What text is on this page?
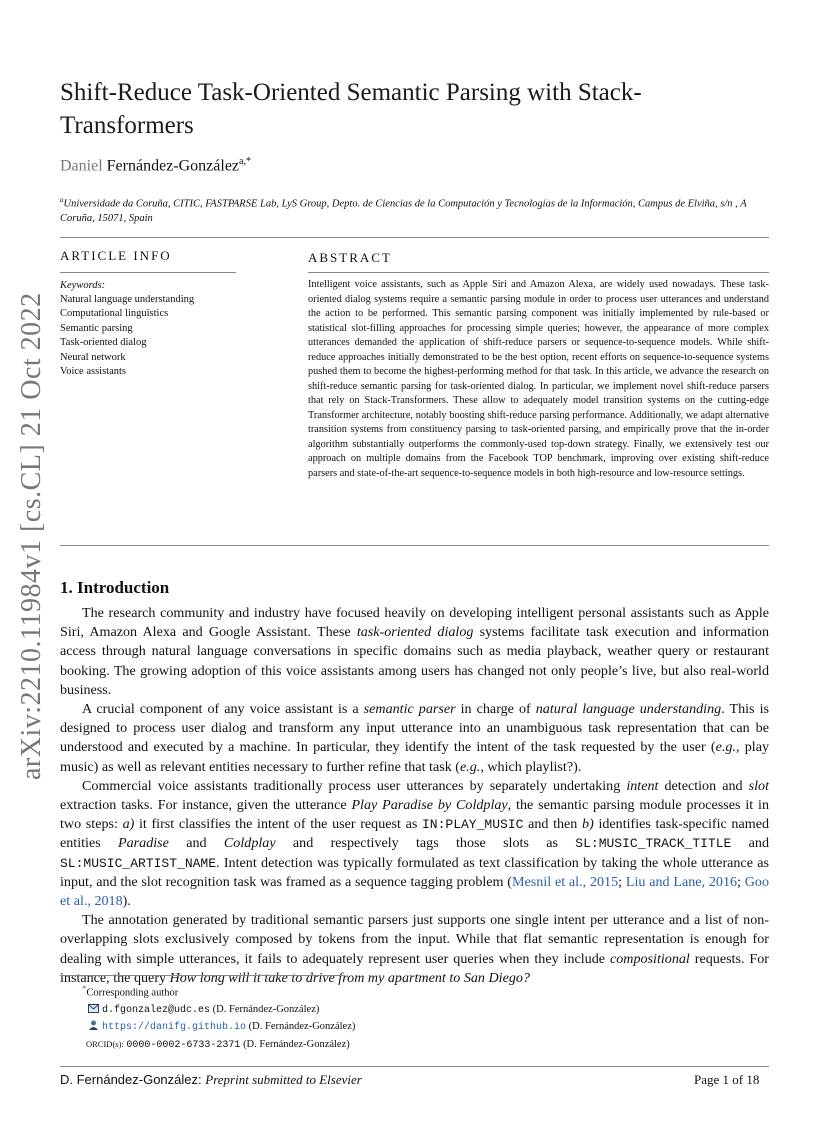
Shift-Reduce Task-Oriented Semantic Parsing with Stack-Transformers
Daniel Fernández-González$^{a,*}$
$^a$Universidade da Coruña, CITIC, FASTPARSE Lab, LyS Group, Depto. de Ciencias de la Computación y Tecnologías de la Información, Campus de Elviña, s/n , A Coruña, 15071, Spain
arXiv:2210.11984v1 [cs.CL] 21 Oct 2022
ARTICLE INFO
Keywords:
Natural language understanding
Computational linguistics
Semantic parsing
Task-oriented dialog
Neural network
Voice assistants
ABSTRACT
Intelligent voice assistants, such as Apple Siri and Amazon Alexa, are widely used nowadays. These task-oriented dialog systems require a semantic parsing module in order to process user utterances and understand the action to be performed. This semantic parsing component was initially implemented by rule-based or statistical slot-filling approaches for processing simple queries; however, the appearance of more complex utterances demanded the application of shift-reduce parsers or sequence-to-sequence models. While shift-reduce approaches initially demonstrated to be the best option, recent efforts on sequence-to-sequence systems pushed them to become the highest-performing method for that task. In this article, we advance the research on shift-reduce semantic parsing for task-oriented dialog. In particular, we implement novel shift-reduce parsers that rely on Stack-Transformers. These allow to adequately model transition systems on the cutting-edge Transformer architecture, notably boosting shift-reduce parsing performance. Additionally, we adapt alternative transition systems from constituency parsing to task-oriented parsing, and empirically prove that the in-order algorithm substantially outperforms the commonly-used top-down strategy. Finally, we extensively test our approach on multiple domains from the Facebook TOP benchmark, improving over existing shift-reduce parsers and state-of-the-art sequence-to-sequence models in both high-resource and low-resource settings.
1. Introduction

The research community and industry have focused heavily on developing intelligent personal assistants such as Apple Siri, Amazon Alexa and Google Assistant. These task-oriented dialog systems facilitate task execution and information access through natural language conversations in specific domains such as media playback, weather query or restaurant booking. The growing adoption of this voice assistants among users has changed not only people’s live, but also real-world business.

A crucial component of any voice assistant is a semantic parser in charge of natural language understanding. This is designed to process user dialog and transform any input utterance into an unambiguous task representation that can be understood and executed by a machine. In particular, they identify the intent of the task requested by the user (e.g., play music) as well as relevant entities necessary to further refine that task (e.g., which playlist?).

Commercial voice assistants traditionally process user utterances by separately undertaking intent detection and slot extraction tasks. For instance, given the utterance Play Paradise by Coldplay, the semantic parsing module processes it in two steps: a) it first classifies the intent of the user request as IN:PLAY_MUSIC and then b) identifies task-specific named entities Paradise and Coldplay and respectively tags those slots as SL:MUSIC_TRACK_TITLE and SL:MUSIC_ARTIST_NAME. Intent detection was typically formulated as text classification by taking the whole utterance as input, and the slot recognition task was framed as a sequence tagging problem (Mesnil et al., 2015; Liu and Lane, 2016; Goo et al., 2018).

The annotation generated by traditional semantic parsers just supports one single intent per utterance and a list of non-overlapping slots exclusively composed by tokens from the input. While that flat semantic representation is enough for dealing with simple utterances, it fails to adequately represent user queries when they include compositional requests. For instance, the query How long will it take to drive from my apartment to San Diego?

*Corresponding author
d.fgonzalez@udc.es (D. Fernández-González)
https://danifg.github.io (D. Fernández-González)
ORCID(s): 0000-0002-6733-2371 (D. Fernández-González)
D. Fernández-González: Preprint submitted to Elsevier	Page 1 of 18
